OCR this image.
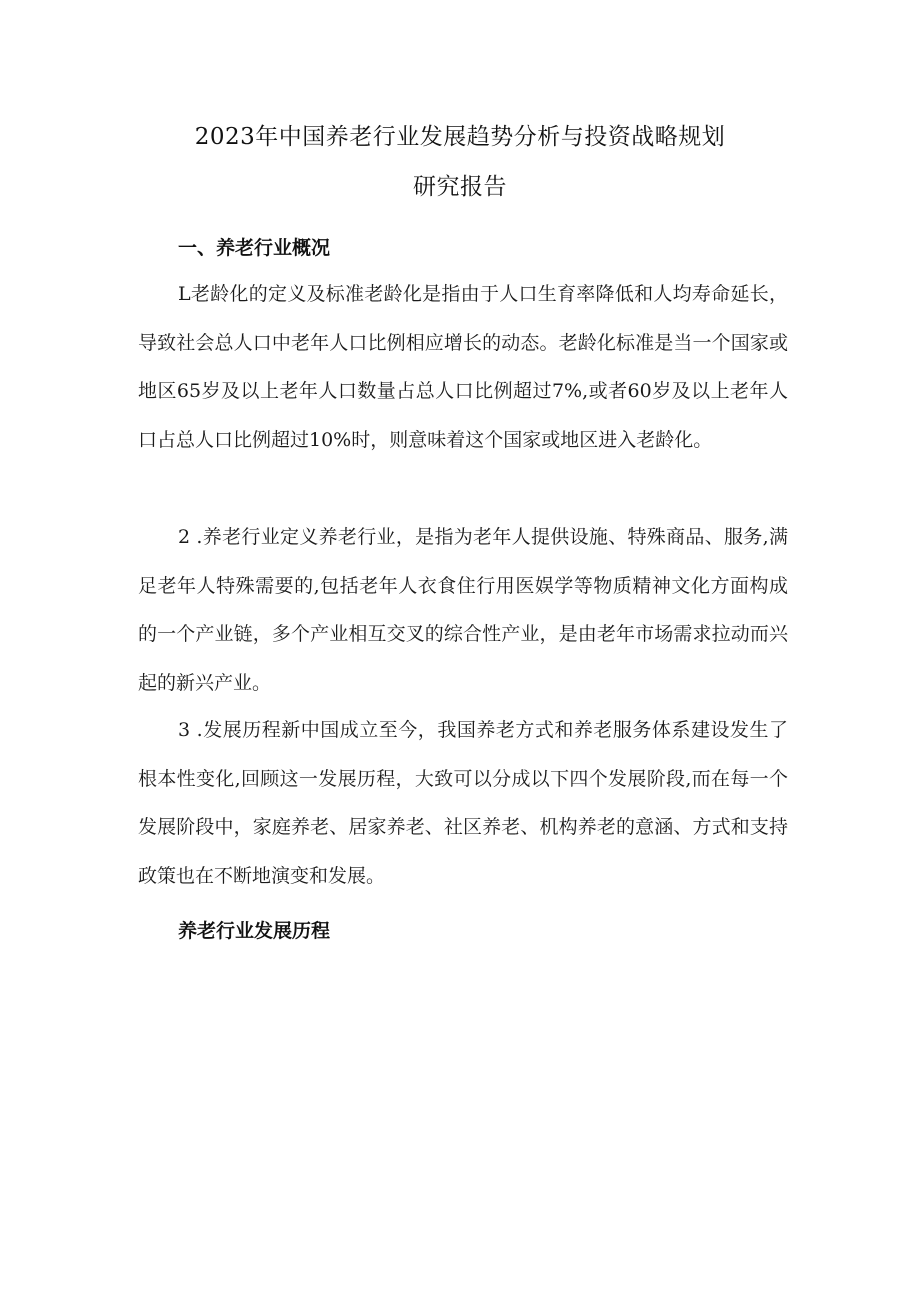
2023年中国养老行业发展趋势分析与投资战略规划
研究报告
一、养老行业概况
L老龄化的定义及标准老龄化是指由于人口生育率降低和人均寿命延长，导致社会总人口中老年人口比例相应增长的动态。老龄化标准是当一个国家或地区65岁及以上老年人口数量占总人口比例超过7%,或者60岁及以上老年人口占总人口比例超过10%时，则意味着这个国家或地区进入老龄化。
2 .养老行业定义养老行业，是指为老年人提供设施、特殊商品、服务,满足老年人特殊需要的,包括老年人衣食住行用医娱学等物质精神文化方面构成的一个产业链，多个产业相互交叉的综合性产业，是由老年市场需求拉动而兴起的新兴产业。
3 .发展历程新中国成立至今，我国养老方式和养老服务体系建设发生了根本性变化,回顾这一发展历程，大致可以分成以下四个发展阶段,而在每一个发展阶段中，家庭养老、居家养老、社区养老、机构养老的意涵、方式和支持政策也在不断地演变和发展。
养老行业发展历程
